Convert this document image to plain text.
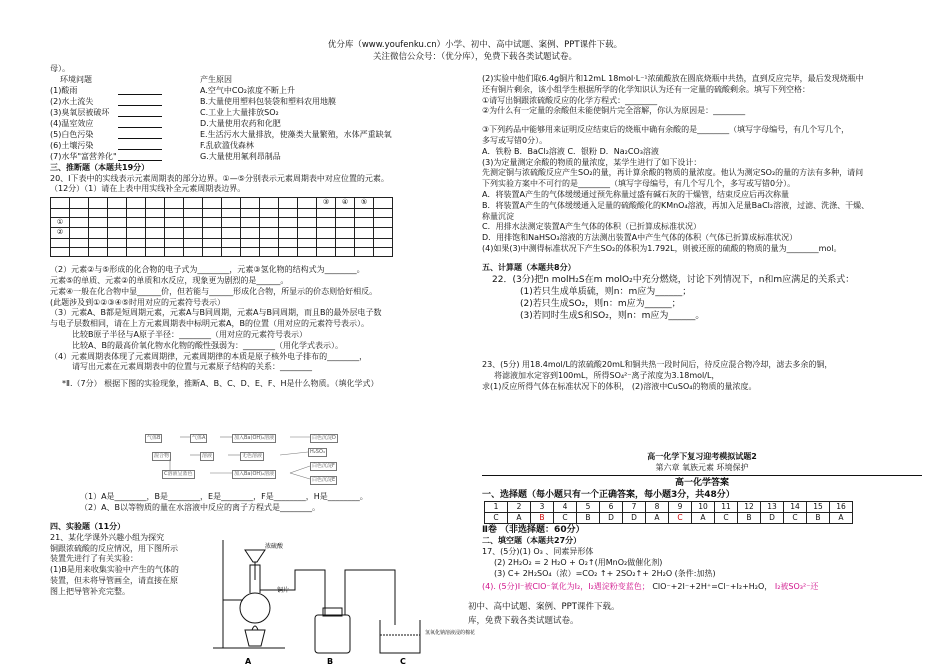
优分库（www.youfenku.cn）小学、初中、高中试题、案例、PPT课件下载。
关注微信公众号：（优分库），免费下载各类试题试卷。
母）。
环境问题	产生原因
(1)酸雨	A.空气中CO₂浓度不断上升
(2)水土流失	B.大量使用塑料包装袋和塑料农用地膜
(3)臭氧层被破坏	C.工业上大量排放SO₂
(4)温室效应	D.大量使用农药和化肥
(5)白色污染	E.生活污水大量排放，使藻类大量繁殖，水体严重缺氧
(6)土壤污染	F.乱砍滥伐森林
(7)水华"富营养化"	G.大量使用氟利昂制品
三、推断题（本题共19分）
20、Ⅰ下表中的实线表示元素周期表的部分边界。①—⑤分别表示元素周期表中对应位置的元素。
（12分）（1）请在上表中用实线补全元素周期表边界。
														③	④	⑤	

①																	
②																	

（2）元素②与⑤形成的化合物的电子式为________，元素③氢化物的结构式为________。
元素⑤的单质、元素②的单质和水反应，现象更为剧烈的是______。
元素④一般在化合物中显______价，但若能与______形成化合物，所显示的价态则恰好相反。
(此题涉及到①②③④⑤时用对应的元素符号表示）
（3）元素A、B都是短周期元素，元素A与B同周期，元素A与B同周期，而且B的最外层电子数
与电子层数相同，请在上方元素周期表中标明元素A，B的位置（用对应的元素符号表示）。
比较B原子半径与A原子半径：________（用对应的元素符号表示）
比较A、B的最高价氧化物水化物的酸性强弱为：________（用化学式表示）。
（4）元素周期表体现了元素周期律，元素周期律的本质是原子核外电子排布的________，
请写出元素在元素周期表中的位置与元素原子结构的关系：________
*Ⅱ.（7分） 根据下图的实验现象，推断A、B、C、D、E、F、H是什么物质。（填化学式）
气体B	气体A	加入Ba(OH)₂溶液	白色沉淀D
混合物	溶液	无色溶液
H₂SO₄
C溶液呈蓝色	加入Ba(OH)₂溶液
白色沉淀F
白色沉淀E
（1）A是________，B是________，E是________，F是________，H是________。
（2）A、B以等物质的量在水溶液中反应的离子方程式是________。
四、实验题（11分）
21、某化学课外兴趣小组为探究
铜跟浓硫酸的反应情况，用下图所示
装置先进行了有关实验：
(1)B是用来收集实验中产生的气体的
装置，但未将导管画全，请直接在原
图上把导管补充完整。
浓硫酸
铜片
氢氧化钠溶液浸的棉花
A	B	C
(2)实验中他们取6.4g铜片和12mL 18mol·L⁻¹浓硫酸放在圆底烧瓶中共热，直到反应完毕，最后发现烧瓶中
还有铜片剩余，该小组学生根据所学的化学知识认为还有一定量的硫酸剩余。填写下列空格：
①请写出铜跟浓硫酸反应的化学方程式：________
②为什么有一定量的余酸但未能使铜片完全溶解，你认为原因是：________
③下列药品中能够用来证明反应结束后的烧瓶中确有余酸的是________（填写字母编号，有几个写几个，
多写或写错0分）。
A．铁粉 B．BaCl₂溶液 C．银粉 D．Na₂CO₃溶液
(3)为定量测定余酸的物质的量浓度，某学生进行了如下设计：
先测定铜与浓硫酸反应产生SO₂的量，再计算余酸的物质的量浓度。他认为测定SO₂的量的方法有多种，请问
下列实验方案中不可行的是________（填写字母编号，有几个写几个，多写或写错0分）。
A．将装置A产生的气体缓缓通过预先称量过盛有碱石灰的干燥管，结束反应后再次称量
B．将装置A产生的气体缓缓通入足量的硫酸酸化的KMnO₄溶液，再加入足量BaCl₂溶液，过滤、洗涤、干燥、
称量沉淀
C．用排水法测定装置A产生气体的体积（已折算成标准状况）
D．用排饱和NaHSO₃溶液的方法测出装置A中产生气体的体积（气体已折算成标准状况）
(4)如果(3)中测得标准状况下产生SO₂的体积为1.792L，则被还原的硫酸的物质的量为________mol。
五、计算题（本题共8分）
22．(3分)把n molH₂S在m molO₂中充分燃烧，讨论下列情况下，n和m应满足的关系式：
(1)若只生成单质硫，则n：m应为______；
(2)若只生成SO₂，则n：m应为______；
(3)若同时生成S和SO₂，则n：m应为______。
23、(5分) 用18.4mol/L的浓硫酸20mL和铜共热一段时间后，待反应混合物冷却，滤去多余的铜，
将滤液加水定容到100mL，所得SO₄²⁻离子浓度为3.18mol/L，
求(1)反应所得气体在标准状况下的体积， (2)溶液中CuSO₄的物质的量浓度。
高一化学下复习迎考模拟试题2
第六章 氧族元素 环境保护
高一化学答案
一、选择题（每小题只有一个正确答案，每小题3分，共48分）
1	2	3	4	5	6	7	8	9	10	11	12	13	14	15	16
C	A	B	C	B	D	D	A	C	A	C	B	D	C	B	A
Ⅱ卷 （非选择题：60分）
二、填空题（本题共27分）
17、(5分)(1) O₃ 、同素异形体
(2) 2H₂O₂ = 2 H₂O + O₂↑(用MnO₂做催化剂)
(3) C+ 2H₂SO₄（浓）=CO₂ ↑+ 2SO₂↑+ 2H₂O (条件:加热)
(4). (5分)I⁻被ClO⁻氧化为I₂，I₂遇淀粉变蓝色； ClO⁻+2I⁻+2H⁺=Cl⁻+I₂+H₂O， I₂被SO₃²⁻还
初中、高中试题、案例、PPT课件下载。
库，免费下载各类试题试卷。
